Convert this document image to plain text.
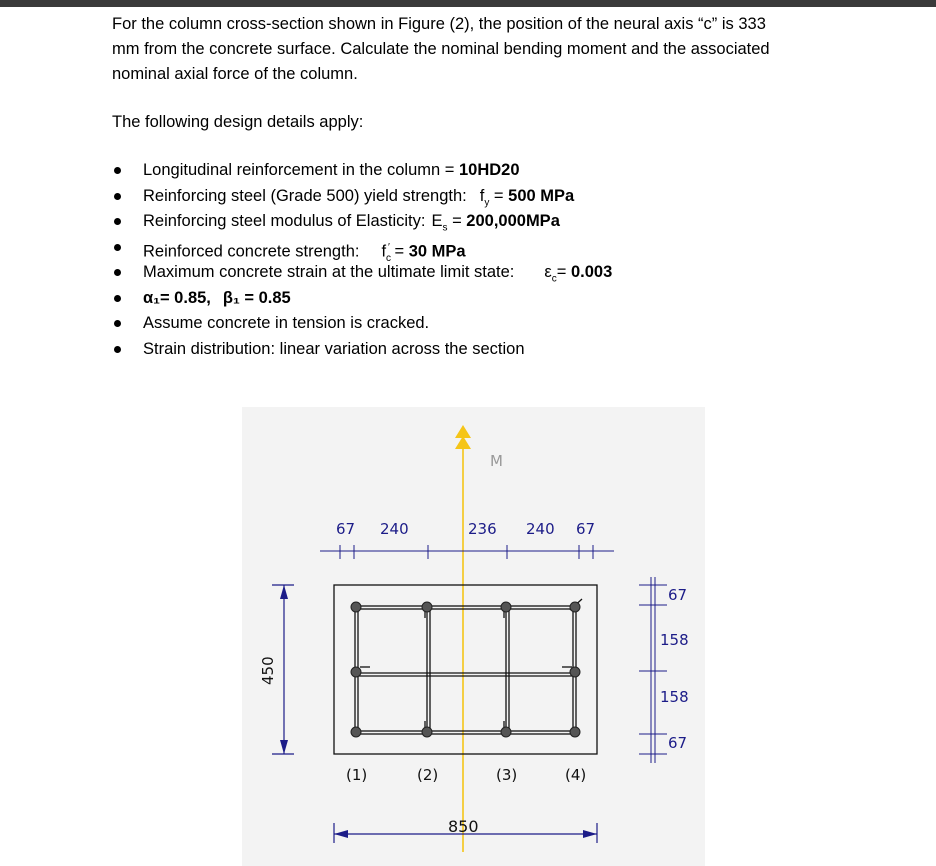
For the column cross-section shown in Figure (2), the position of the neural axis “c” is 333
mm from the concrete surface. Calculate the nominal bending moment and the associated
nominal axial force of the column.
The following design details apply:
Longitudinal reinforcement in the column = 10HD20
Reinforcing steel (Grade 500) yield strength: $f_y = 500$ MPa
Reinforcing steel modulus of Elasticity: $E_s = 200,000MPa$
Reinforced concrete strength: $f_c' = 30$ MPa
Maximum concrete strain at the ultimate limit state: $\varepsilon_c= 0.003$
α₁= 0.85, β₁ = 0.85
Assume concrete in tension is cracked.
Strain distribution: linear variation across the section
M
67 240	236 240 67
450
67
158
158
67
(1)	(2)	(3)	(4)
850
